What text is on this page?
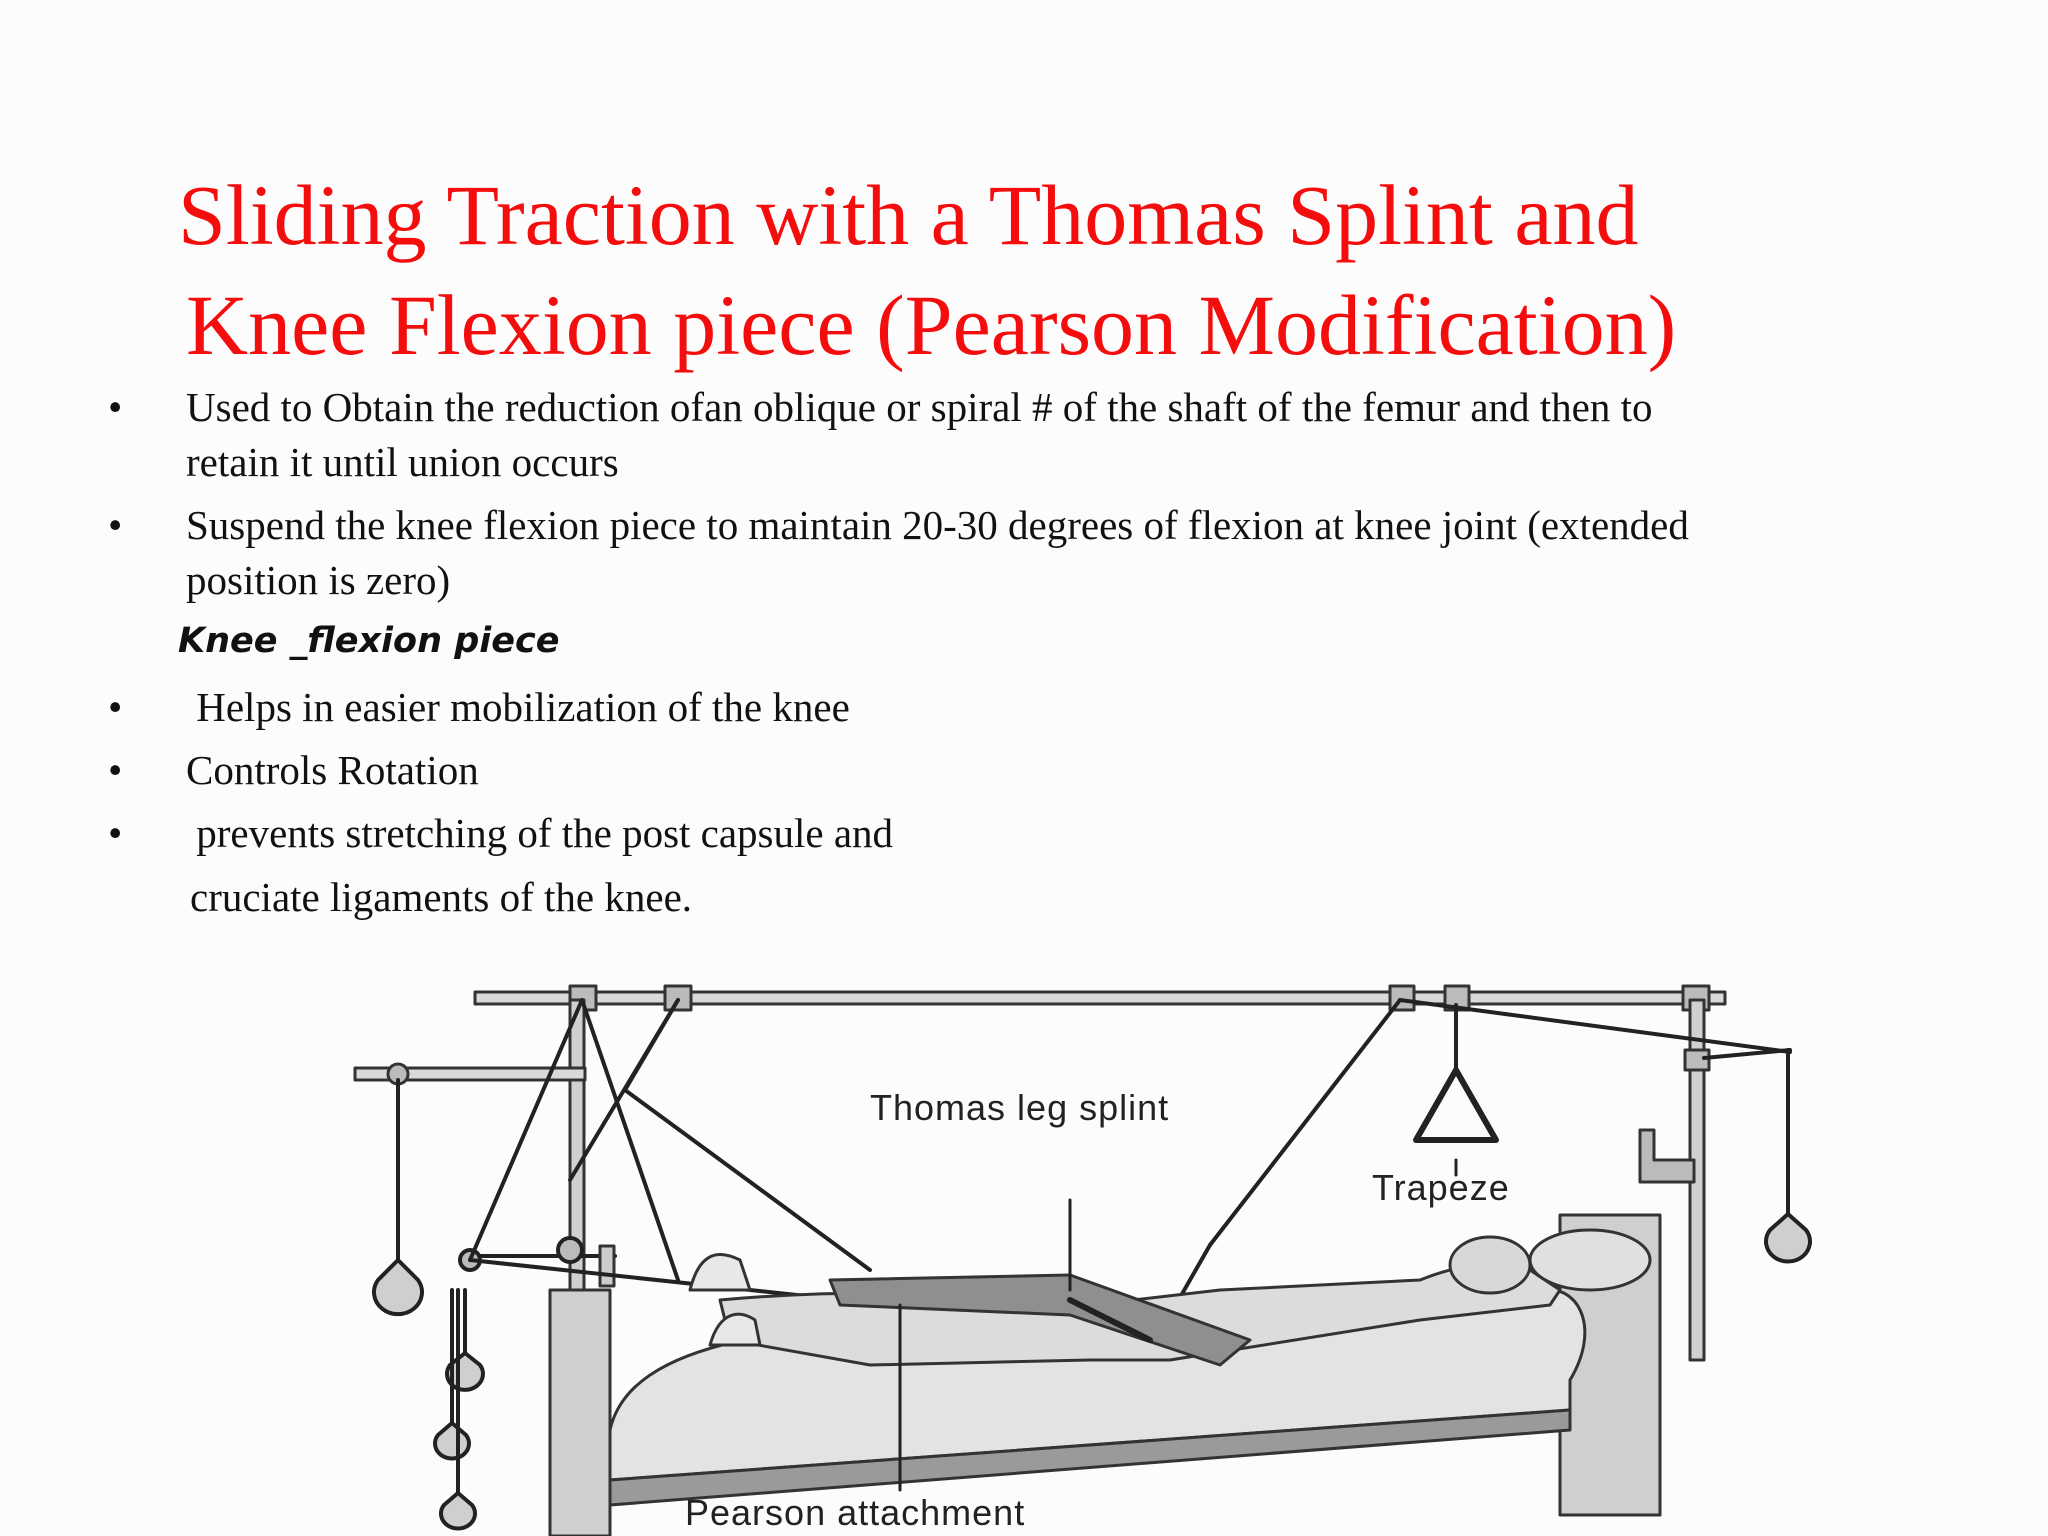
Sliding Traction with a Thomas Splint and
Knee Flexion piece (Pearson Modification)
•	Used to Obtain the reduction ofan oblique or spiral # of the shaft of the femur and then to
retain it until union occurs
•	Suspend the knee flexion piece to maintain 20-30 degrees of flexion at knee joint (extended
position is zero)
Knee _flexion piece
•	Helps in easier mobilization of the knee
•	Controls Rotation
•	prevents stretching of the post capsule and
cruciate ligaments of the knee.
Thomas leg splint
Trapeze
Pearson attachment
